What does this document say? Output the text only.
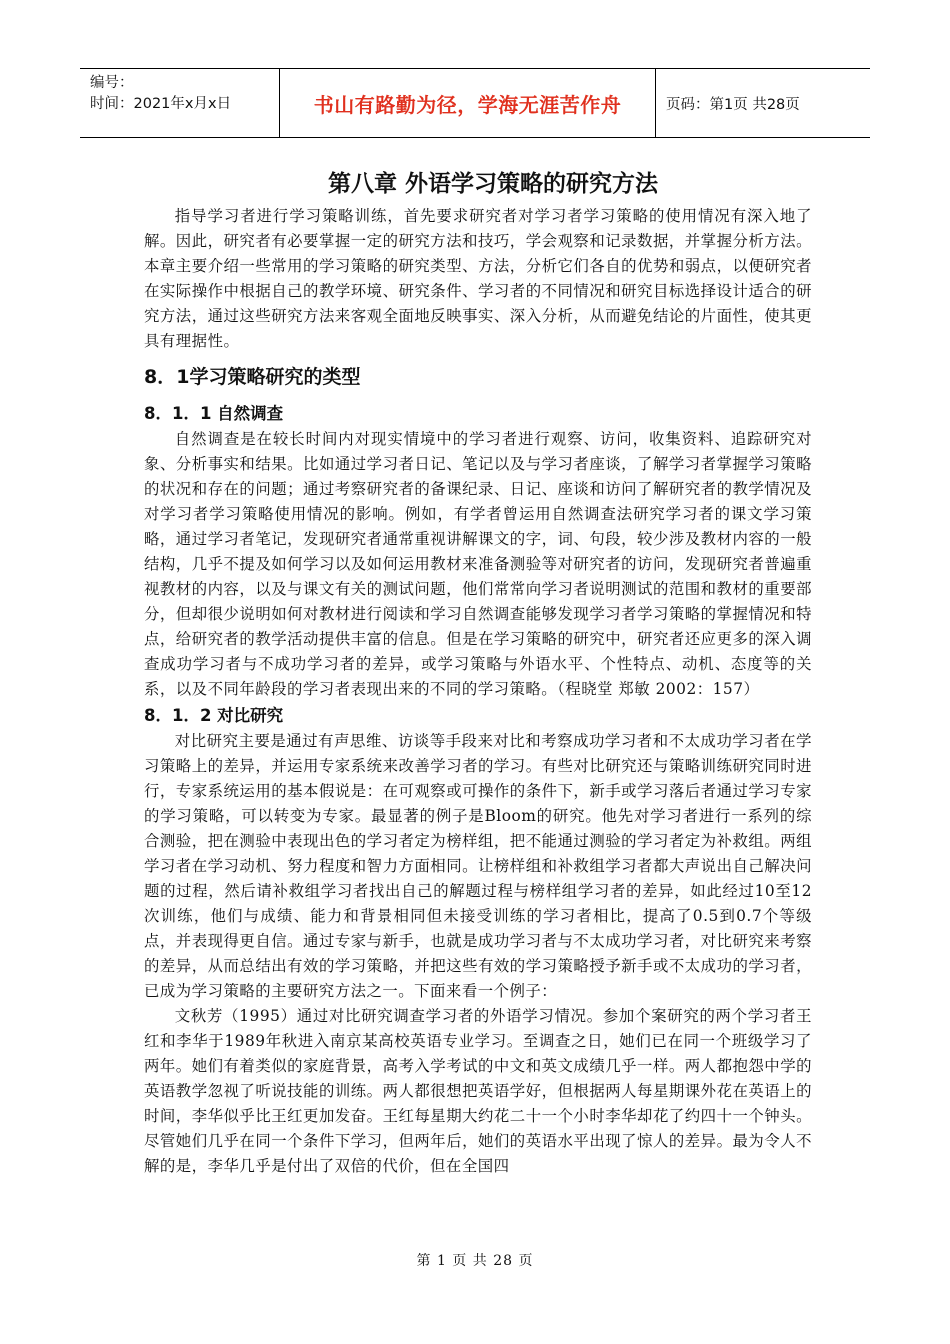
编号：
时间：2021年x月x日	书山有路勤为径，学海无涯苦作舟	页码：第1页 共28页
第八章 外语学习策略的研究方法

指导学习者进行学习策略训练，首先要求研究者对学习者学习策略的使用情况有深入地了解。因此，研究者有必要掌握一定的研究方法和技巧，学会观察和记录数据，并掌握分析方法。本章主要介绍一些常用的学习策略的研究类型、方法，分析它们各自的优势和弱点，以便研究者在实际操作中根据自己的教学环境、研究条件、学习者的不同情况和研究目标选择设计适合的研究方法，通过这些研究方法来客观全面地反映事实、深入分析，从而避免结论的片面性，使其更具有理据性。

8．1学习策略研究的类型
8．1．1 自然调查

自然调查是在较长时间内对现实情境中的学习者进行观察、访问，收集资料、追踪研究对象、分析事实和结果。比如通过学习者日记、笔记以及与学习者座谈，了解学习者掌握学习策略的状况和存在的问题；通过考察研究者的备课纪录、日记、座谈和访问了解研究者的教学情况及对学习者学习策略使用情况的影响。例如，有学者曾运用自然调查法研究学习者的课文学习策略，通过学习者笔记，发现研究者通常重视讲解课文的字，词、句段，较少涉及教材内容的一般结构，几乎不提及如何学习以及如何运用教材来准备测验等对研究者的访问，发现研究者普遍重视教材的内容，以及与课文有关的测试问题，他们常常向学习者说明测试的范围和教材的重要部分，但却很少说明如何对教材进行阅读和学习自然调查能够发现学习者学习策略的掌握情况和特点，给研究者的教学活动提供丰富的信息。但是在学习策略的研究中，研究者还应更多的深入调查成功学习者与不成功学习者的差异，或学习策略与外语水平、个性特点、动机、态度等的关系，以及不同年龄段的学习者表现出来的不同的学习策略。（程晓堂 郑敏 2002：157）

8．1．2 对比研究

对比研究主要是通过有声思维、访谈等手段来对比和考察成功学习者和不太成功学习者在学习策略上的差异，并运用专家系统来改善学习者的学习。有些对比研究还与策略训练研究同时进行，专家系统运用的基本假说是：在可观察或可操作的条件下，新手或学习落后者通过学习专家的学习策略，可以转变为专家。最显著的例子是Bloom的研究。他先对学习者进行一系列的综合测验，把在测验中表现出色的学习者定为榜样组，把不能通过测验的学习者定为补救组。两组学习者在学习动机、努力程度和智力方面相同。让榜样组和补救组学习者都大声说出自己解决问题的过程，然后请补救组学习者找出自己的解题过程与榜样组学习者的差异，如此经过10至12次训练，他们与成绩、能力和背景相同但未接受训练的学习者相比，提高了0.5到0.7个等级点，并表现得更自信。通过专家与新手，也就是成功学习者与不太成功学习者，对比研究来考察的差异，从而总结出有效的学习策略，并把这些有效的学习策略授予新手或不太成功的学习者，已成为学习策略的主要研究方法之一。下面来看一个例子：

文秋芳（1995）通过对比研究调查学习者的外语学习情况。参加个案研究的两个学习者王红和李华于1989年秋进入南京某高校英语专业学习。至调查之日，她们已在同一个班级学习了两年。她们有着类似的家庭背景，高考入学考试的中文和英文成绩几乎一样。两人都抱怨中学的英语教学忽视了听说技能的训练。两人都很想把英语学好，但根据两人每星期课外花在英语上的时间，李华似乎比王红更加发奋。王红每星期大约花二十一个小时李华却花了约四十一个钟头。尽管她们几乎在同一个条件下学习，但两年后，她们的英语水平出现了惊人的差异。最为令人不解的是，李华几乎是付出了双倍的代价，但在全国四

第 1 页 共 28 页
